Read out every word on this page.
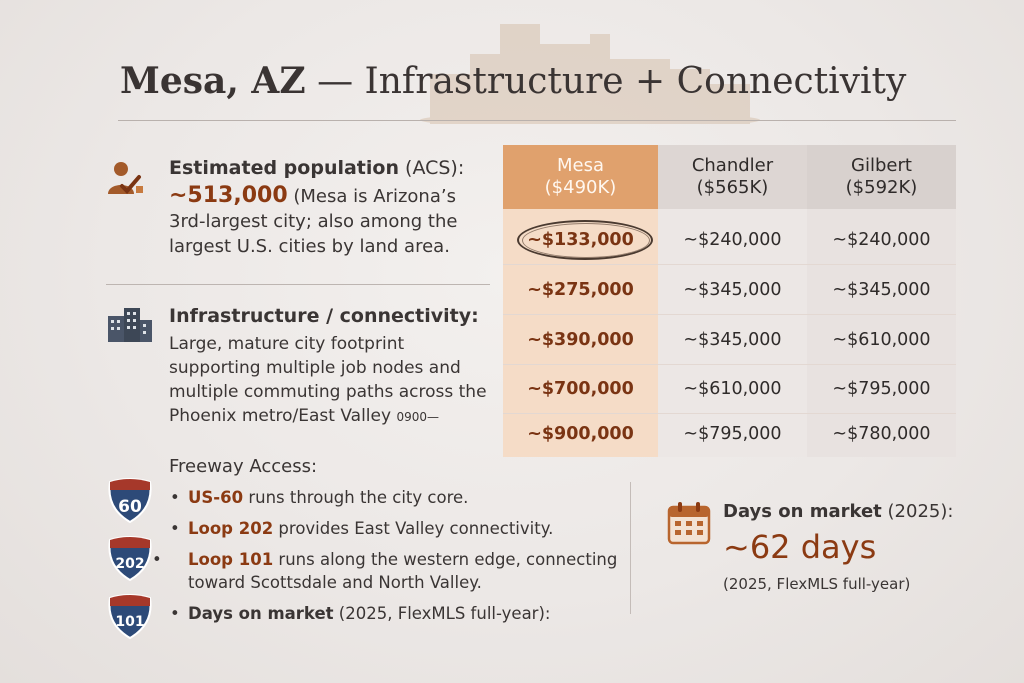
Mesa, AZ — Infrastructure + Connectivity
Estimated population (ACS):
~513,000 (Mesa is Arizona’s 3rd-largest city; also among the largest U.S. cities by land area.
Infrastructure / connectivity:
Large, mature city footprint supporting multiple job nodes and multiple commuting paths across the Phoenix metro/East Valley 0900—
Freeway Access:
60
202
101
• US-60 runs through the city core.
• Loop 202 provides East Valley connectivity.
• Loop 101 runs along the western edge, connecting toward Scottsdale and North Valley.
• Days on market (2025, FlexMLS full-year):
Days on market (2025):
~62 days
(2025, FlexMLS full-year)
Mesa
($490K)
Chandler
($565K)
Gilbert
($592K)
~$133,000	~$240,000	~$240,000
~$275,000	~$345,000	~$345,000
~$390,000	~$345,000	~$610,000
~$700,000	~$610,000	~$795,000
~$900,000	~$795,000	~$780,000
